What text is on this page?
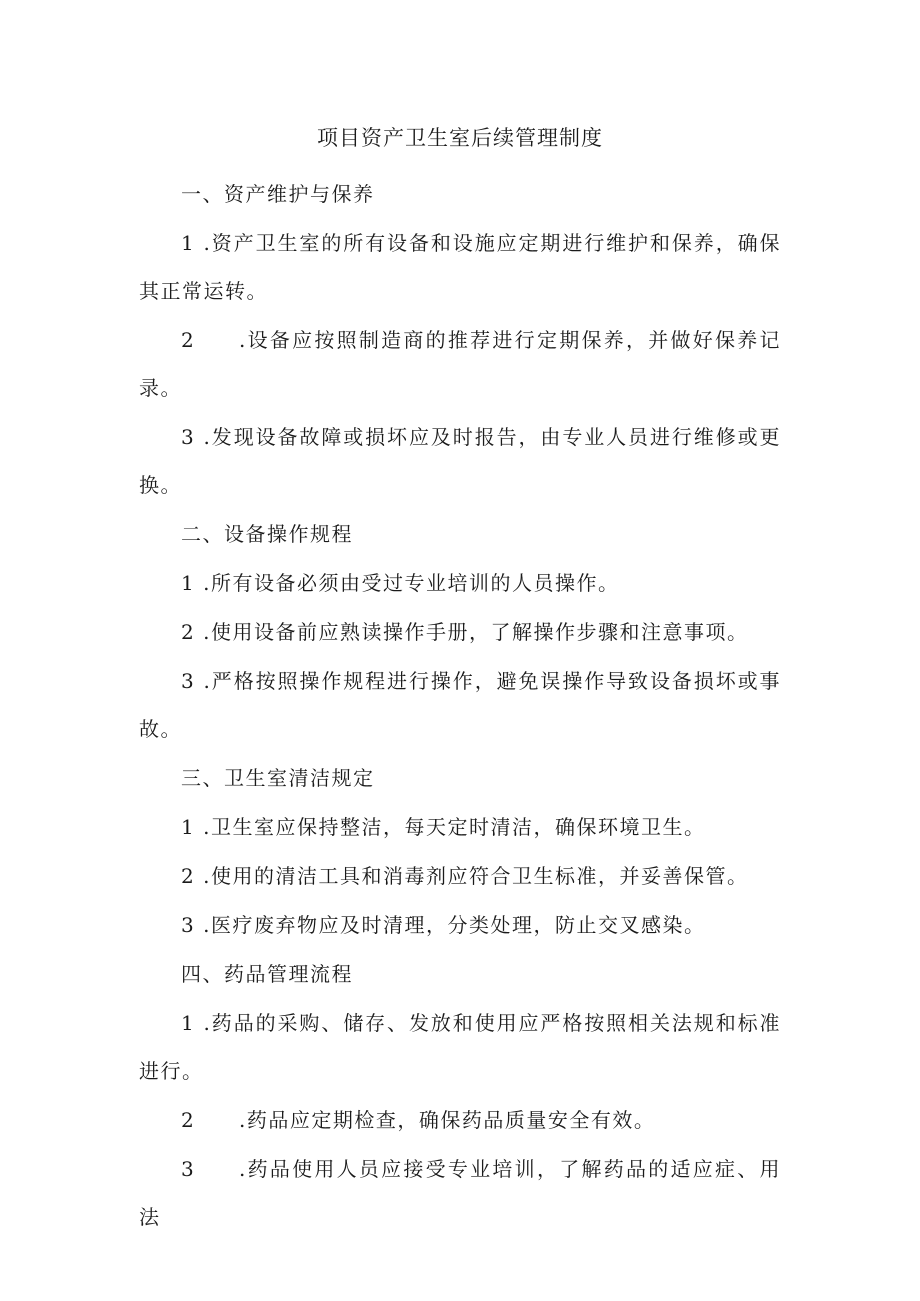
项目资产卫生室后续管理制度
一、资产维护与保养
1 .资产卫生室的所有设备和设施应定期进行维护和保养，确保其正常运转。
2 .设备应按照制造商的推荐进行定期保养，并做好保养记录。
3 .发现设备故障或损坏应及时报告，由专业人员进行维修或更换。
二、设备操作规程
1 .所有设备必须由受过专业培训的人员操作。
2 .使用设备前应熟读操作手册，了解操作步骤和注意事项。
3 .严格按照操作规程进行操作，避免误操作导致设备损坏或事故。
三、卫生室清洁规定
1 .卫生室应保持整洁，每天定时清洁，确保环境卫生。
2 .使用的清洁工具和消毒剂应符合卫生标准，并妥善保管。
3 .医疗废弃物应及时清理，分类处理，防止交叉感染。
四、药品管理流程
1 .药品的采购、储存、发放和使用应严格按照相关法规和标准进行。
2 .药品应定期检查，确保药品质量安全有效。
3 .药品使用人员应接受专业培训，了解药品的适应症、用法
